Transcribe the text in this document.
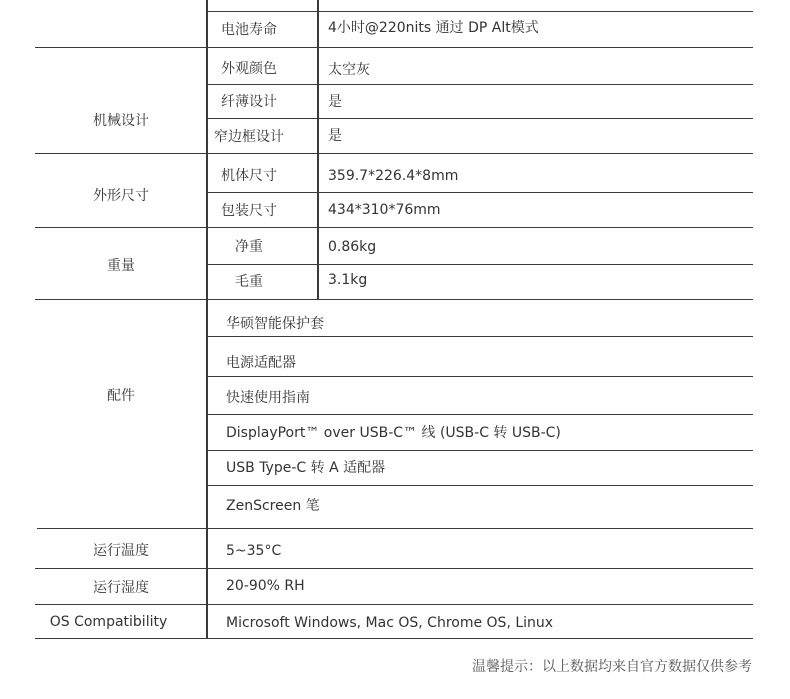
电池寿命	4小时@220nits 通过 DP Alt模式
机械设计
外观颜色	太空灰
纤薄设计	是
窄边框设计	是
外形尺寸
机体尺寸	359.7*226.4*8mm
包装尺寸	434*310*76mm
重量
净重	0.86kg
毛重	3.1kg
配件
华硕智能保护套
电源适配器
快速使用指南
DisplayPort™ over USB-C™ 线 (USB-C 转 USB-C)
USB Type-C 转 A 适配器
ZenScreen 笔
运行温度	5~35°C
运行湿度	20-90% RH
OS Compatibility	Microsoft Windows, Mac OS, Chrome OS, Linux
温馨提示：以上数据均来自官方数据仅供参考
